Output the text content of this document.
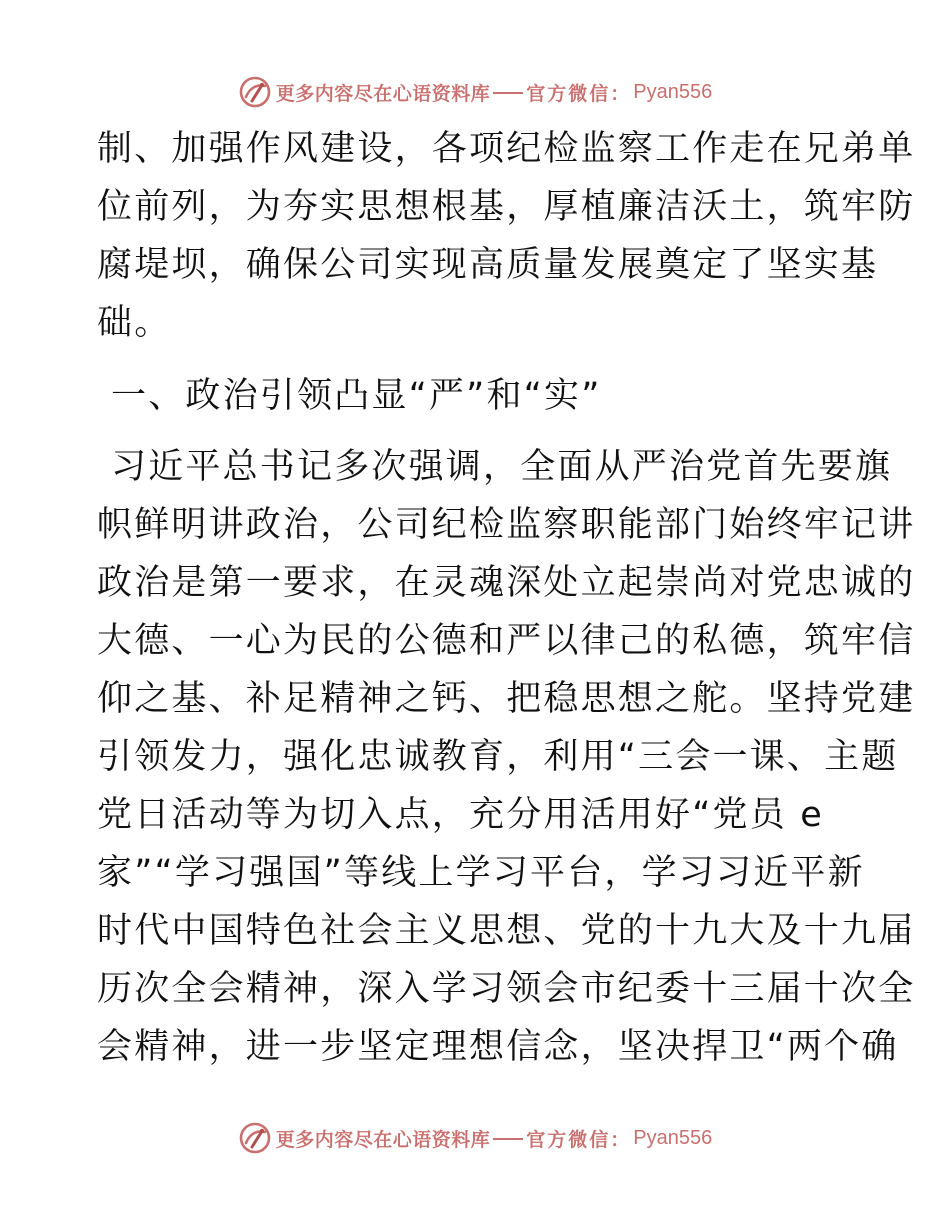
更多内容尽在心语资料库 官方微信： Pyan556
制、加强作风建设，各项纪检监察工作走在兄弟单
位前列，为夯实思想根基，厚植廉洁沃土，筑牢防
腐堤坝，确保公司实现高质量发展奠定了坚实基
础。
一、政治引领凸显“严”和“实”
习近平总书记多次强调，全面从严治党首先要旗
帜鲜明讲政治，公司纪检监察职能部门始终牢记讲
政治是第一要求，在灵魂深处立起崇尚对党忠诚的
大德、一心为民的公德和严以律己的私德，筑牢信
仰之基、补足精神之钙、把稳思想之舵。坚持党建
引领发力，强化忠诚教育，利用“三会一课、主题
党日活动等为切入点，充分用活用好“党员 e
家”“学习强国”等线上学习平台，学习习近平新
时代中国特色社会主义思想、党的十九大及十九届
历次全会精神，深入学习领会市纪委十三届十次全
会精神，进一步坚定理想信念，坚决捍卫“两个确
更多内容尽在心语资料库 官方微信： Pyan556
